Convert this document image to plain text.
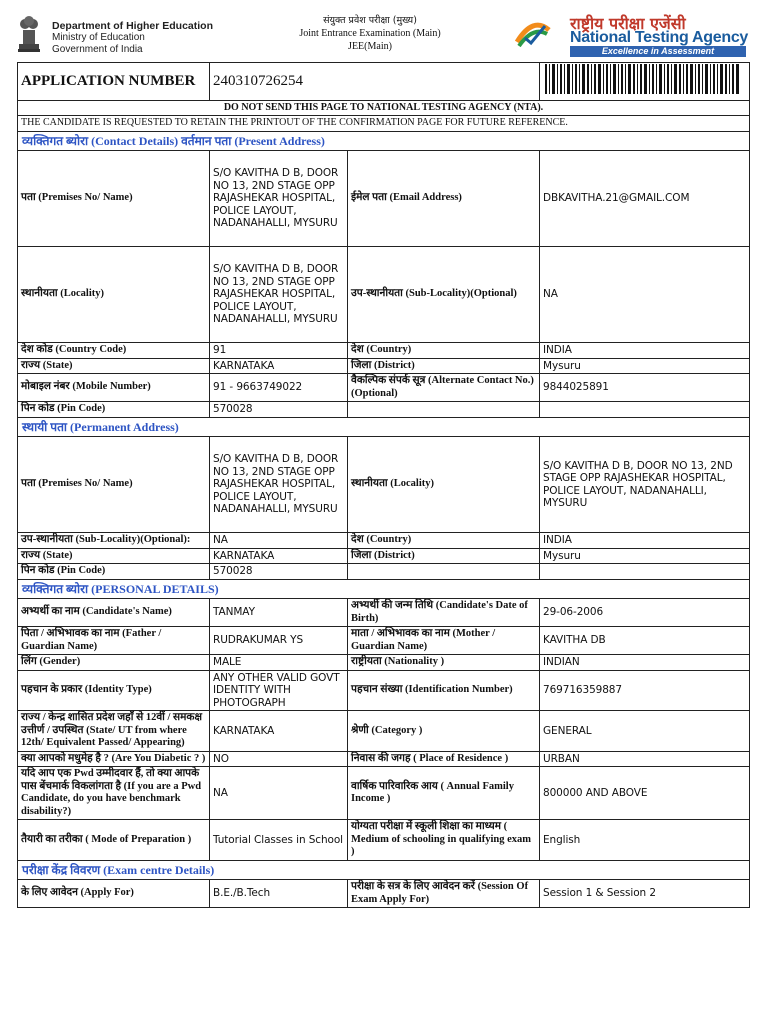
Department of Higher Education
Ministry of Education
Government of India
संयुक्त प्रवेश परीक्षा (मुख्य)
Joint Entrance Examination (Main)
JEE(Main)
राष्ट्रीय परीक्षा एजेंसी
National Testing Agency
Excellence in Assessment
APPLICATION NUMBER	240310726254	
DO NOT SEND THIS PAGE TO NATIONAL TESTING AGENCY (NTA).			
THE CANDIDATE IS REQUESTED TO RETAIN THE PRINTOUT OF THE CONFIRMATION PAGE FOR FUTURE REFERENCE.			
व्यक्तिगत ब्योरा (Contact Details) वर्तमान पता (Present Address)			
पता (Premises No/ Name)	S/O KAVITHA D B, DOOR NO 13, 2ND STAGE OPP RAJASHEKAR HOSPITAL, POLICE LAYOUT, NADANAHALLI, MYSURU	ईमेल पता (Email Address)	DBKAVITHA.21@GMAIL.COM
स्थानीयता (Locality)	S/O KAVITHA D B, DOOR NO 13, 2ND STAGE OPP RAJASHEKAR HOSPITAL, POLICE LAYOUT, NADANAHALLI, MYSURU	उप-स्थानीयता (Sub-Locality)(Optional)	NA
देश कोड (Country Code)	91	देश (Country)	INDIA
राज्य (State)	KARNATAKA	जिला (District)	Mysuru
मोबाइल नंबर (Mobile Number)	91 - 9663749022	वैकल्पिक संपर्क सूत्र (Alternate Contact No.) (Optional)	9844025891
पिन कोड (Pin Code)	570028		
स्थायी पता (Permanent Address)			
पता (Premises No/ Name)	S/O KAVITHA D B, DOOR NO 13, 2ND STAGE OPP RAJASHEKAR HOSPITAL, POLICE LAYOUT, NADANAHALLI, MYSURU	स्थानीयता (Locality)	S/O KAVITHA D B, DOOR NO 13, 2ND STAGE OPP RAJASHEKAR HOSPITAL, POLICE LAYOUT, NADANAHALLI, MYSURU
उप-स्थानीयता (Sub-Locality)(Optional):	NA	देश (Country)	INDIA
राज्य (State)	KARNATAKA	जिला (District)	Mysuru
पिन कोड (Pin Code)	570028		
व्यक्तिगत ब्योरा (PERSONAL DETAILS)			
अभ्यर्थी का नाम (Candidate's Name)	TANMAY	अभ्यर्थी की जन्म तिथि (Candidate's Date of Birth)	29-06-2006
पिता / अभिभावक का नाम (Father / Guardian Name)	RUDRAKUMAR YS	माता / अभिभावक का नाम (Mother / Guardian Name)	KAVITHA DB
लिंग (Gender)	MALE	राष्ट्रीयता (Nationality )	INDIAN
पहचान के प्रकार (Identity Type)	ANY OTHER VALID GOVT IDENTITY WITH PHOTOGRAPH	पहचान संख्या (Identification Number)	769716359887
राज्य / केन्द्र शासित प्रदेश जहाँ से 12वीं / समकक्ष उत्तीर्ण / उपस्थित (State/ UT from where 12th/ Equivalent Passed/ Appearing)	KARNATAKA	श्रेणी (Category )	GENERAL
क्या आपको मधुमेह है ? (Are You Diabetic ? )	NO	निवास की जगह ( Place of Residence )	URBAN
यदि आप एक Pwd उम्मीदवार हैं, तो क्या आपके पास बेंचमार्क विकलांगता है (If you are a Pwd Candidate, do you have benchmark disability?)	NA	वार्षिक पारिवारिक आय ( Annual Family Income )	800000 AND ABOVE
तैयारी का तरीका ( Mode of Preparation )	Tutorial Classes in School	योग्यता परीक्षा में स्कूली शिक्षा का माध्यम ( Medium of schooling in qualifying exam )	English
परीक्षा केंद्र विवरण (Exam centre Details)			
के लिए आवेदन (Apply For)	B.E./B.Tech	परीक्षा के सत्र के लिए आवेदन करें (Session Of Exam Apply For)	Session 1 & Session 2
